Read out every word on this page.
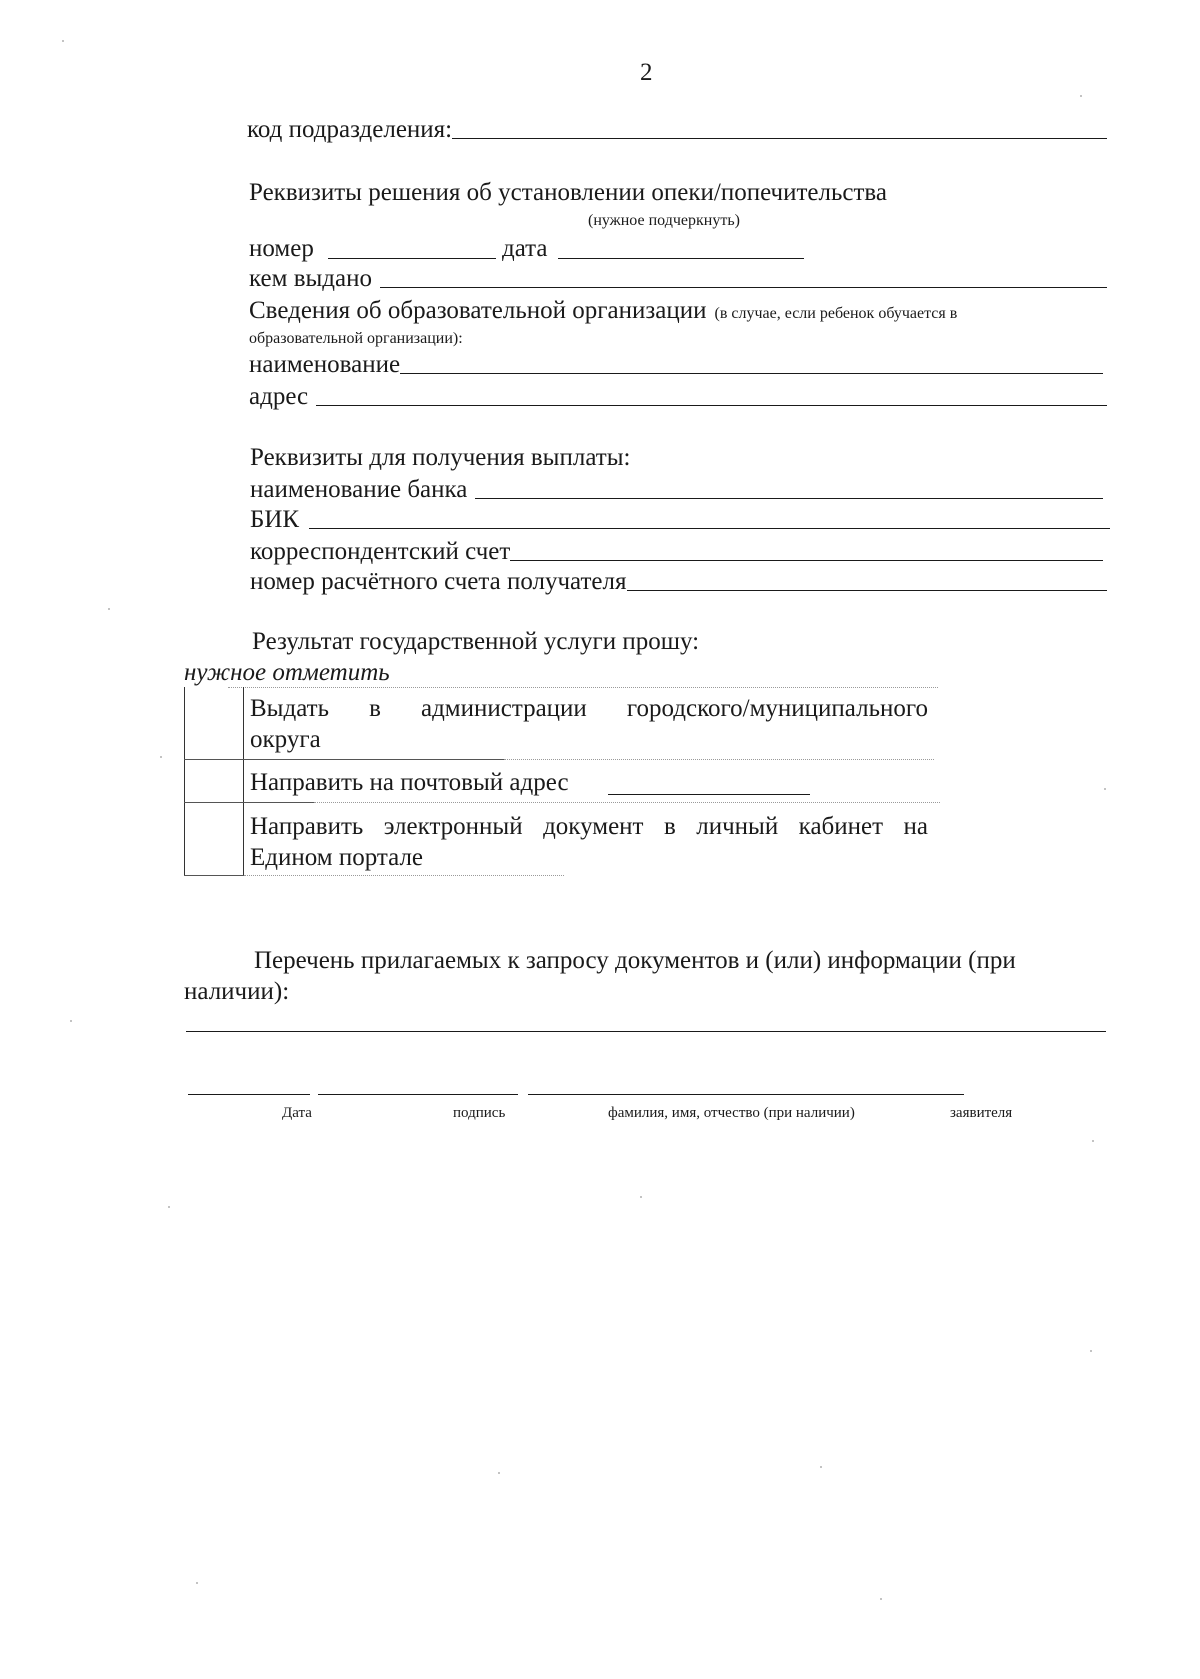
2
код подразделения:
Реквизиты решения об установлении опеки/попечительства
(нужное подчеркнуть)
номер	дата
кем выдано
Сведения об образовательной организации (в случае, если ребенок обучается в
образовательной организации):
наименование
адрес
Реквизиты для получения выплаты:
наименование банка
БИК
корреспондентский счет
номер расчётного счета получателя
Результат государственной услуги прошу:
нужное отметить
Выдать в администрации городского/муниципального
округа
Направить на почтовый адрес
Направить электронный документ в личный кабинет на
Едином портале
Перечень прилагаемых к запросу документов и (или) информации (при
наличии):
Дата	подпись	фамилия, имя, отчество (при наличии)	заявителя
